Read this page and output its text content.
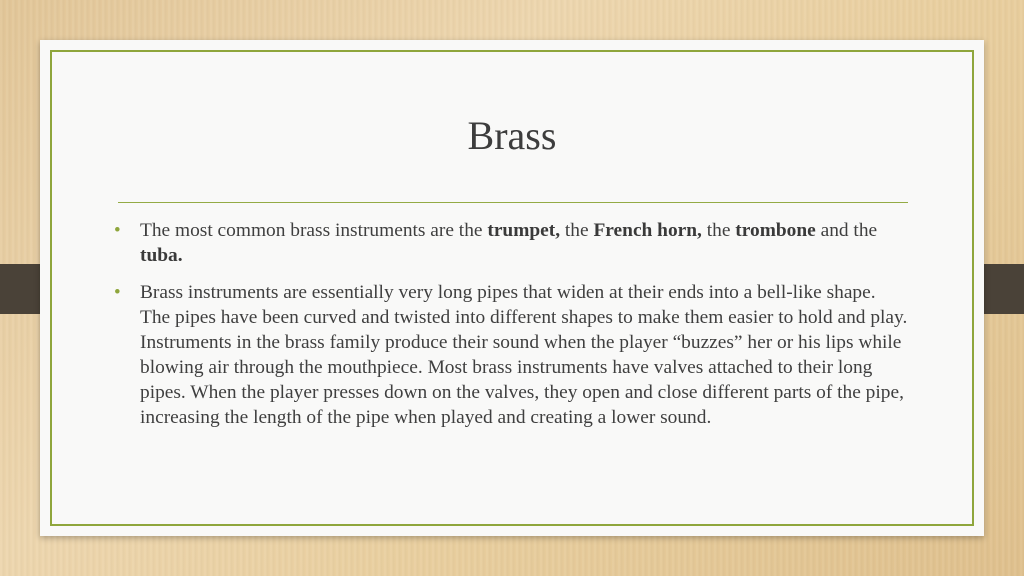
Brass
• The most common brass instruments are the trumpet, the French horn, the trombone and the tuba.
• Brass instruments are essentially very long pipes that widen at their ends into a bell-like shape. The pipes have been curved and twisted into different shapes to make them easier to hold and play. Instruments in the brass family produce their sound when the player “buzzes” her or his lips while blowing air through the mouthpiece. Most brass instruments have valves attached to their long pipes. When the player presses down on the valves, they open and close different parts of the pipe, increasing the length of the pipe when played and creating a lower sound.
